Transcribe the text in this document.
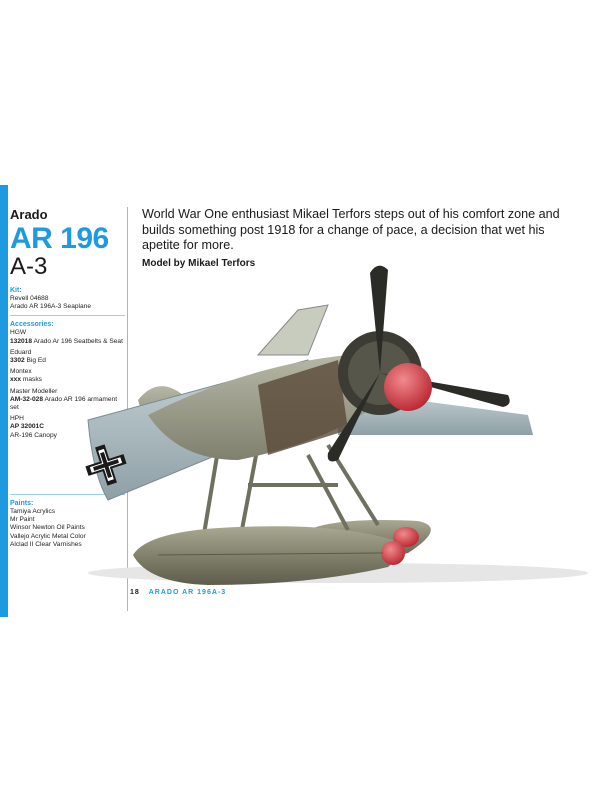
Arado
AR 196
A-3
Kit:
Revell 04688
Arado AR 196A-3 Seaplane
Accessories:
HGW
132018 Arado Ar 196 Seatbelts & Seat
Eduard
3302 Big Ed
Montex
xxx masks
Master Modeller
AM-32-028 Arado AR 196 armament set
HPH
AP 32001C
AR-196 Canopy
Paints:
Tamiya Acrylics
Mr Paint
Winsor Newton Oil Paints
Vallejo Acrylic Metal Color
Alclad II Clear Varnishes

World War One enthusiast Mikael Terfors steps out of his comfort zone and builds something post 1918 for a change of pace, a decision that wet his apetite for more.

Model by Mikael Terfors

18 ARADO AR 196A-3
